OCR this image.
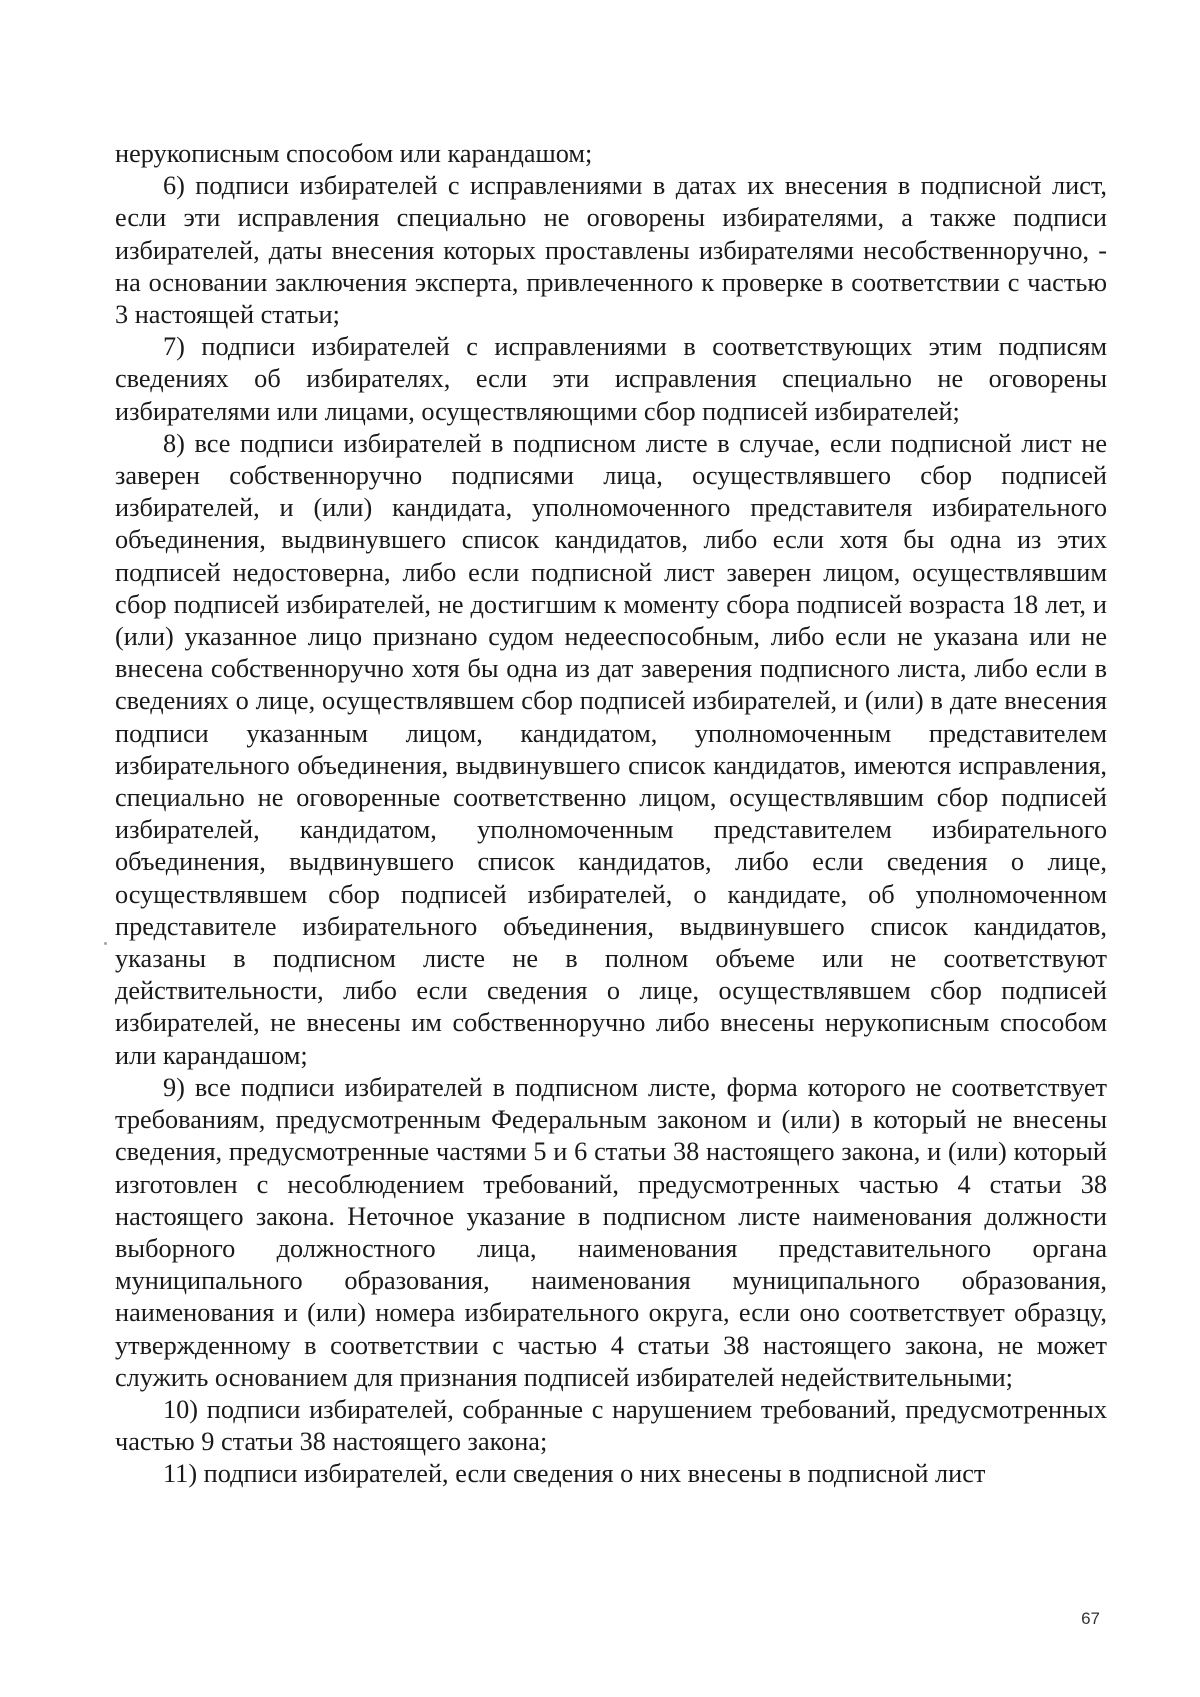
нерукописным способом или карандашом;

6) подписи избирателей с исправлениями в датах их внесения в подписной лист, если эти исправления специально не оговорены избирателями, а также подписи избирателей, даты внесения которых проставлены избирателями несобственноручно, - на основании заключения эксперта, привлеченного к проверке в соответствии с частью 3 настоящей статьи;

7) подписи избирателей с исправлениями в соответствующих этим подписям сведениях об избирателях, если эти исправления специально не оговорены избирателями или лицами, осуществляющими сбор подписей избирателей;

8) все подписи избирателей в подписном листе в случае, если подписной лист не заверен собственноручно подписями лица, осуществлявшего сбор подписей избирателей, и (или) кандидата, уполномоченного представителя избирательного объединения, выдвинувшего список кандидатов, либо если хотя бы одна из этих подписей недостоверна, либо если подписной лист заверен лицом, осуществлявшим сбор подписей избирателей, не достигшим к моменту сбора подписей возраста 18 лет, и (или) указанное лицо признано судом недееспособным, либо если не указана или не внесена собственноручно хотя бы одна из дат заверения подписного листа, либо если в сведениях о лице, осуществлявшем сбор подписей избирателей, и (или) в дате внесения подписи указанным лицом, кандидатом, уполномоченным представителем избирательного объединения, выдвинувшего список кандидатов, имеются исправления, специально не оговоренные соответственно лицом, осуществлявшим сбор подписей избирателей, кандидатом, уполномоченным представителем избирательного объединения, выдвинувшего список кандидатов, либо если сведения о лице, осуществлявшем сбор подписей избирателей, о кандидате, об уполномоченном представителе избирательного объединения, выдвинувшего список кандидатов, указаны в подписном листе не в полном объеме или не соответствуют действительности, либо если сведения о лице, осуществлявшем сбор подписей избирателей, не внесены им собственноручно либо внесены нерукописным способом или карандашом;

9) все подписи избирателей в подписном листе, форма которого не соответствует требованиям, предусмотренным Федеральным законом и (или) в который не внесены сведения, предусмотренные частями 5 и 6 статьи 38 настоящего закона, и (или) который изготовлен с несоблюдением требований, предусмотренных частью 4 статьи 38 настоящего закона. Неточное указание в подписном листе наименования должности выборного должностного лица, наименования представительного органа муниципального образования, наименования муниципального образования, наименования и (или) номера избирательного округа, если оно соответствует образцу, утвержденному в соответствии с частью 4 статьи 38 настоящего закона, не может служить основанием для признания подписей избирателей недействительными;

10) подписи избирателей, собранные с нарушением требований, предусмотренных частью 9 статьи 38 настоящего закона;

11) подписи избирателей, если сведения о них внесены в подписной лист

67
